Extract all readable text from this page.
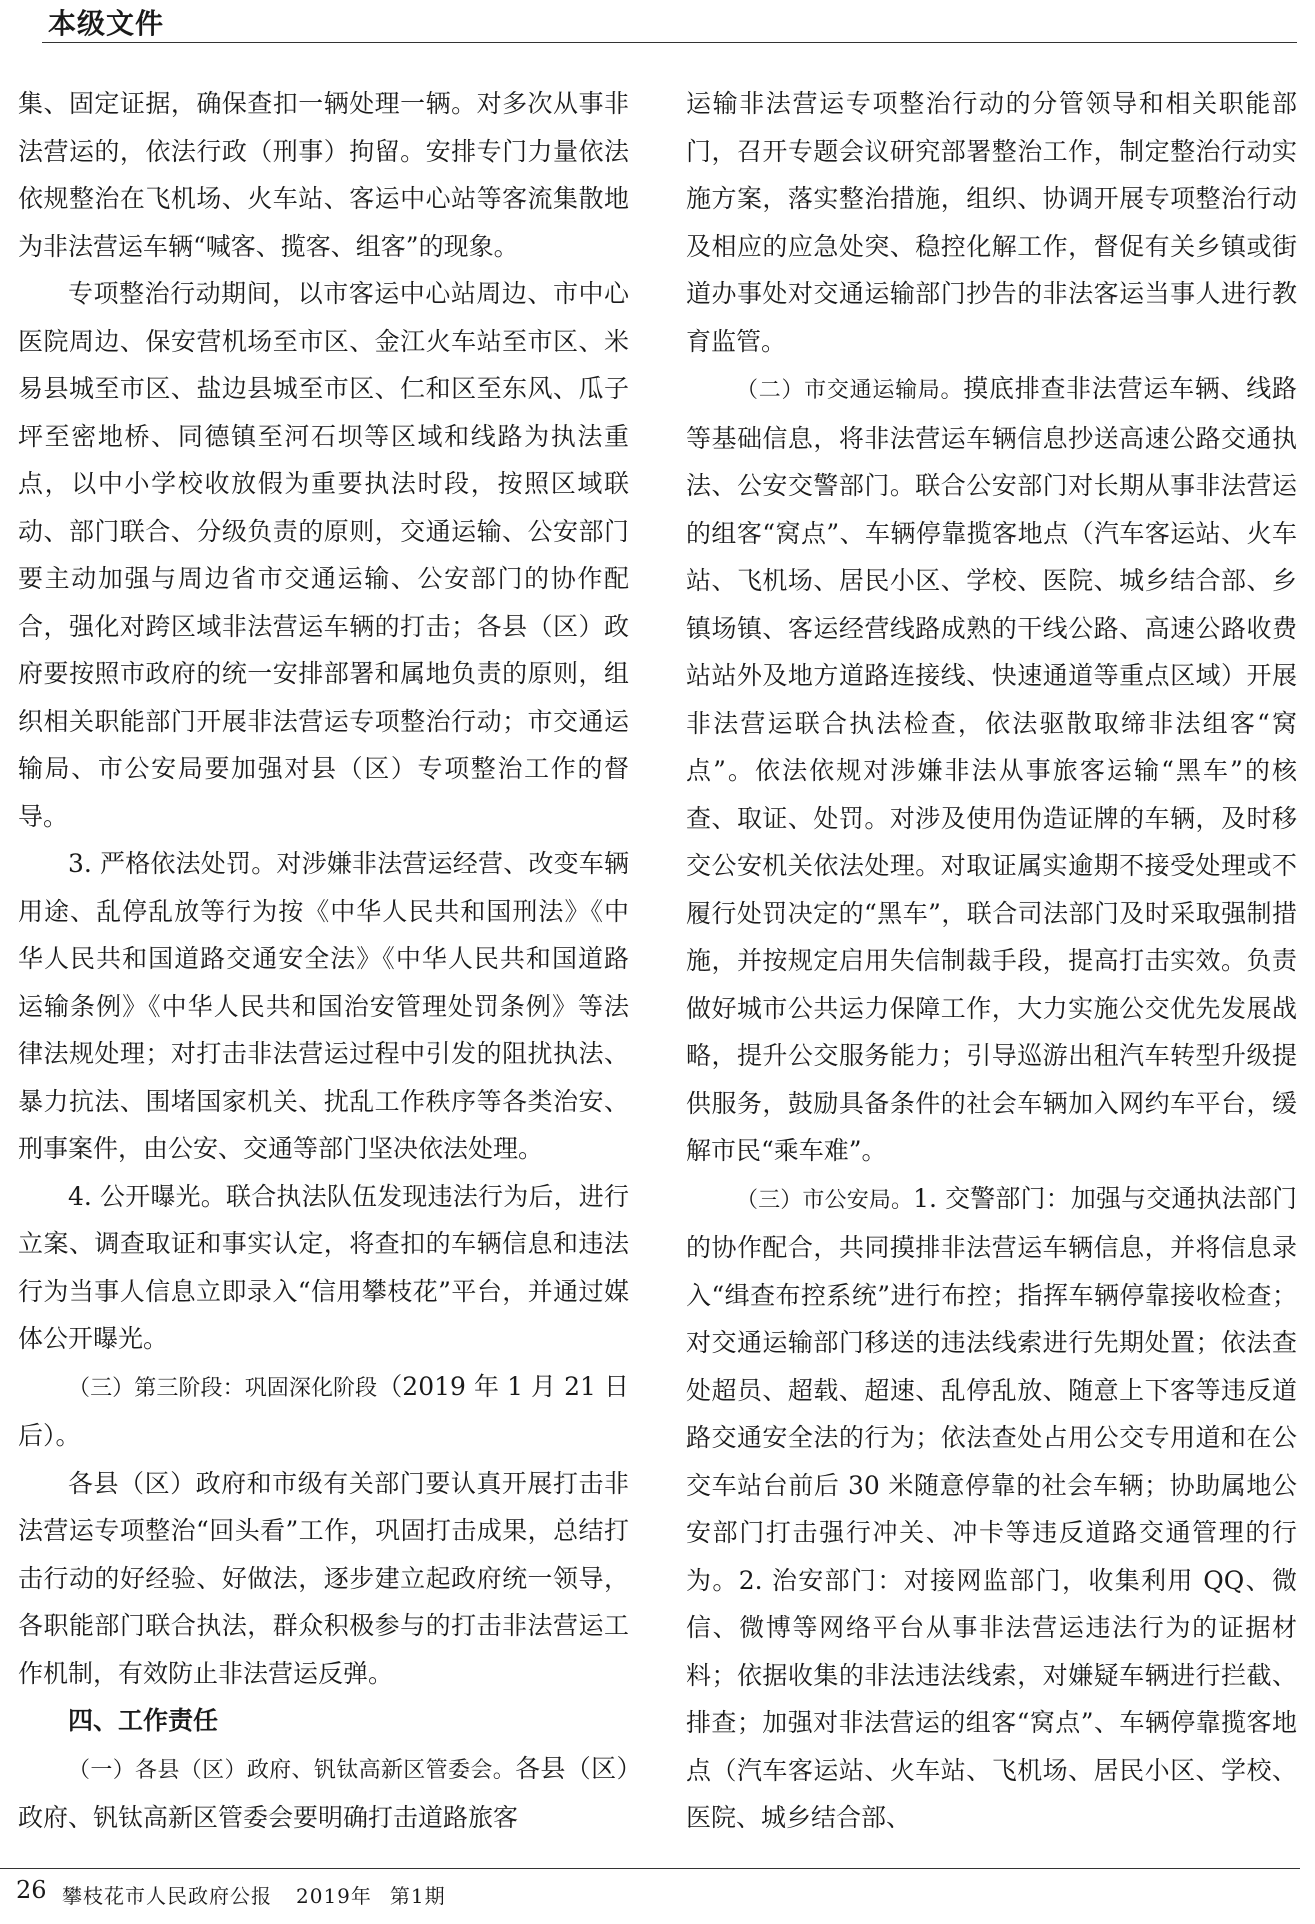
本级文件

集、固定证据，确保查扣一辆处理一辆。对多次从事非法营运的，依法行政（刑事）拘留。安排专门力量依法依规整治在飞机场、火车站、客运中心站等客流集散地为非法营运车辆“喊客、揽客、组客”的现象。

专项整治行动期间，以市客运中心站周边、市中心医院周边、保安营机场至市区、金江火车站至市区、米易县城至市区、盐边县城至市区、仁和区至东风、瓜子坪至密地桥、同德镇至河石坝等区域和线路为执法重点，以中小学校收放假为重要执法时段，按照区域联动、部门联合、分级负责的原则，交通运输、公安部门要主动加强与周边省市交通运输、公安部门的协作配合，强化对跨区域非法营运车辆的打击；各县（区）政府要按照市政府的统一安排部署和属地负责的原则，组织相关职能部门开展非法营运专项整治行动；市交通运输局、市公安局要加强对县（区）专项整治工作的督导。

3. 严格依法处罚。对涉嫌非法营运经营、改变车辆用途、乱停乱放等行为按《中华人民共和国刑法》《中华人民共和国道路交通安全法》《中华人民共和国道路运输条例》《中华人民共和国治安管理处罚条例》等法律法规处理；对打击非法营运过程中引发的阻扰执法、暴力抗法、围堵国家机关、扰乱工作秩序等各类治安、刑事案件，由公安、交通等部门坚决依法处理。

4. 公开曝光。联合执法队伍发现违法行为后，进行立案、调查取证和事实认定，将查扣的车辆信息和违法行为当事人信息立即录入“信用攀枝花”平台，并通过媒体公开曝光。

（三）第三阶段：巩固深化阶段（2019 年 1 月 21 日后）。

各县（区）政府和市级有关部门要认真开展打击非法营运专项整治“回头看”工作，巩固打击成果，总结打击行动的好经验、好做法，逐步建立起政府统一领导，各职能部门联合执法，群众积极参与的打击非法营运工作机制，有效防止非法营运反弹。

四、工作责任

（一）各县（区）政府、钒钛高新区管委会。各县（区）政府、钒钛高新区管委会要明确打击道路旅客

运输非法营运专项整治行动的分管领导和相关职能部门，召开专题会议研究部署整治工作，制定整治行动实施方案，落实整治措施，组织、协调开展专项整治行动及相应的应急处突、稳控化解工作，督促有关乡镇或街道办事处对交通运输部门抄告的非法客运当事人进行教育监管。

（二）市交通运输局。摸底排查非法营运车辆、线路等基础信息，将非法营运车辆信息抄送高速公路交通执法、公安交警部门。联合公安部门对长期从事非法营运的组客“窝点”、车辆停靠揽客地点（汽车客运站、火车站、飞机场、居民小区、学校、医院、城乡结合部、乡镇场镇、客运经营线路成熟的干线公路、高速公路收费站站外及地方道路连接线、快速通道等重点区域）开展非法营运联合执法检查，依法驱散取缔非法组客“窝点”。依法依规对涉嫌非法从事旅客运输“黑车”的核查、取证、处罚。对涉及使用伪造证牌的车辆，及时移交公安机关依法处理。对取证属实逾期不接受处理或不履行处罚决定的“黑车”，联合司法部门及时采取强制措施，并按规定启用失信制裁手段，提高打击实效。负责做好城市公共运力保障工作，大力实施公交优先发展战略，提升公交服务能力；引导巡游出租汽车转型升级提供服务，鼓励具备条件的社会车辆加入网约车平台，缓解市民“乘车难”。

（三）市公安局。1. 交警部门：加强与交通执法部门的协作配合，共同摸排非法营运车辆信息，并将信息录入“缉查布控系统”进行布控；指挥车辆停靠接收检查；对交通运输部门移送的违法线索进行先期处置；依法查处超员、超载、超速、乱停乱放、随意上下客等违反道路交通安全法的行为；依法查处占用公交专用道和在公交车站台前后 30 米随意停靠的社会车辆；协助属地公安部门打击强行冲关、冲卡等违反道路交通管理的行为。2. 治安部门：对接网监部门，收集利用 QQ、微信、微博等网络平台从事非法营运违法行为的证据材料；依据收集的非法违法线索，对嫌疑车辆进行拦截、排查；加强对非法营运的组客“窝点”、车辆停靠揽客地点（汽车客运站、火车站、飞机场、居民小区、学校、医院、城乡结合部、

26 攀枝花市人民政府公报 2019年 第1期
